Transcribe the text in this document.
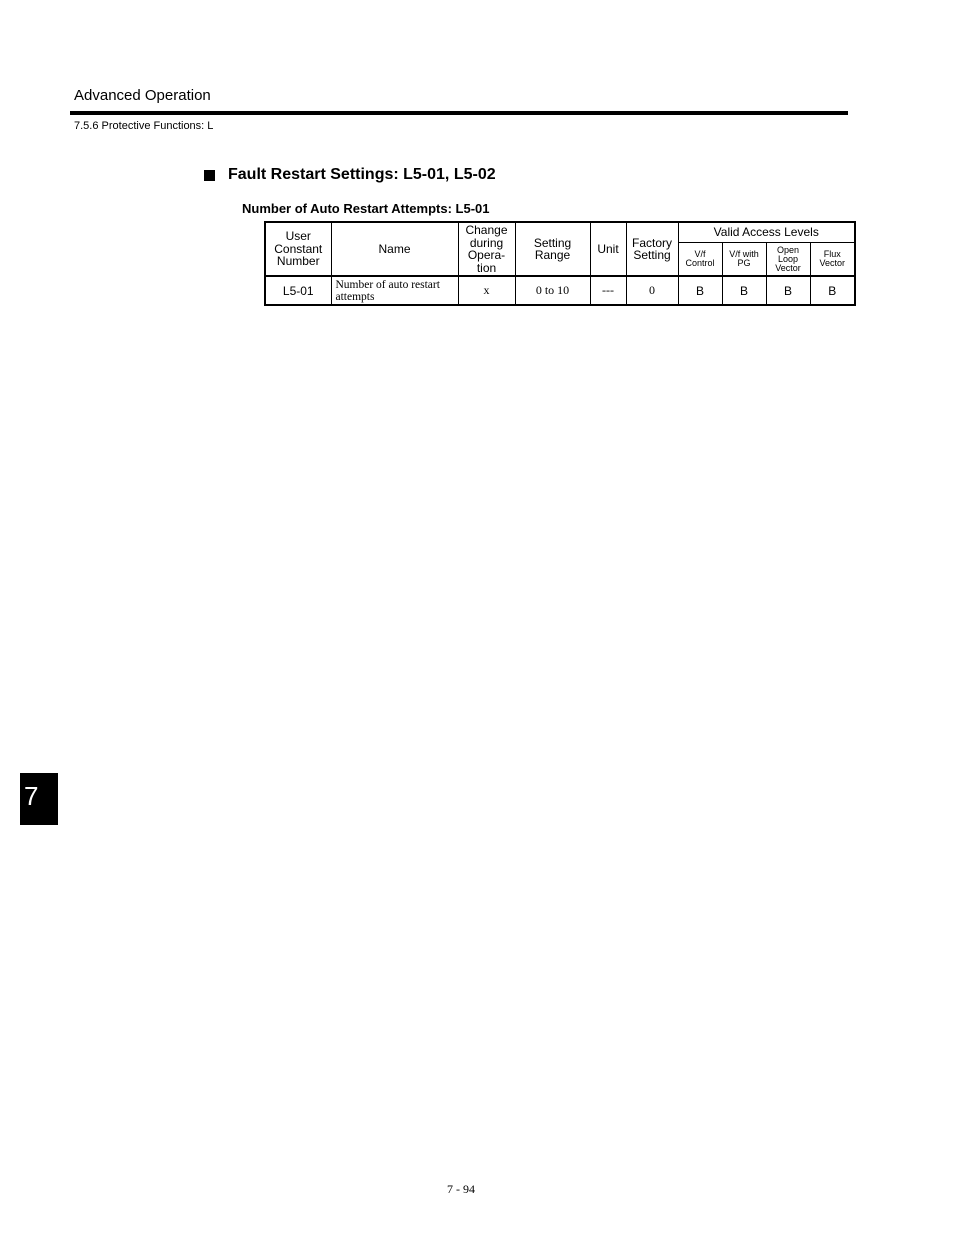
Advanced Operation
7.5.6 Protective Functions: L
Fault Restart Settings: L5-01, L5-02
Number of Auto Restart Attempts: L5-01
User Constant Number	Name	Change during Opera- tion	Setting Range	Unit	Factory Setting	Valid Access Levels			
						V/f Control	V/f with PG	Open Loop Vector	Flux Vector
L5-01	Number of auto restart attempts	x	0 to 10	---	0	B	B	B	B
7
7 - 94
